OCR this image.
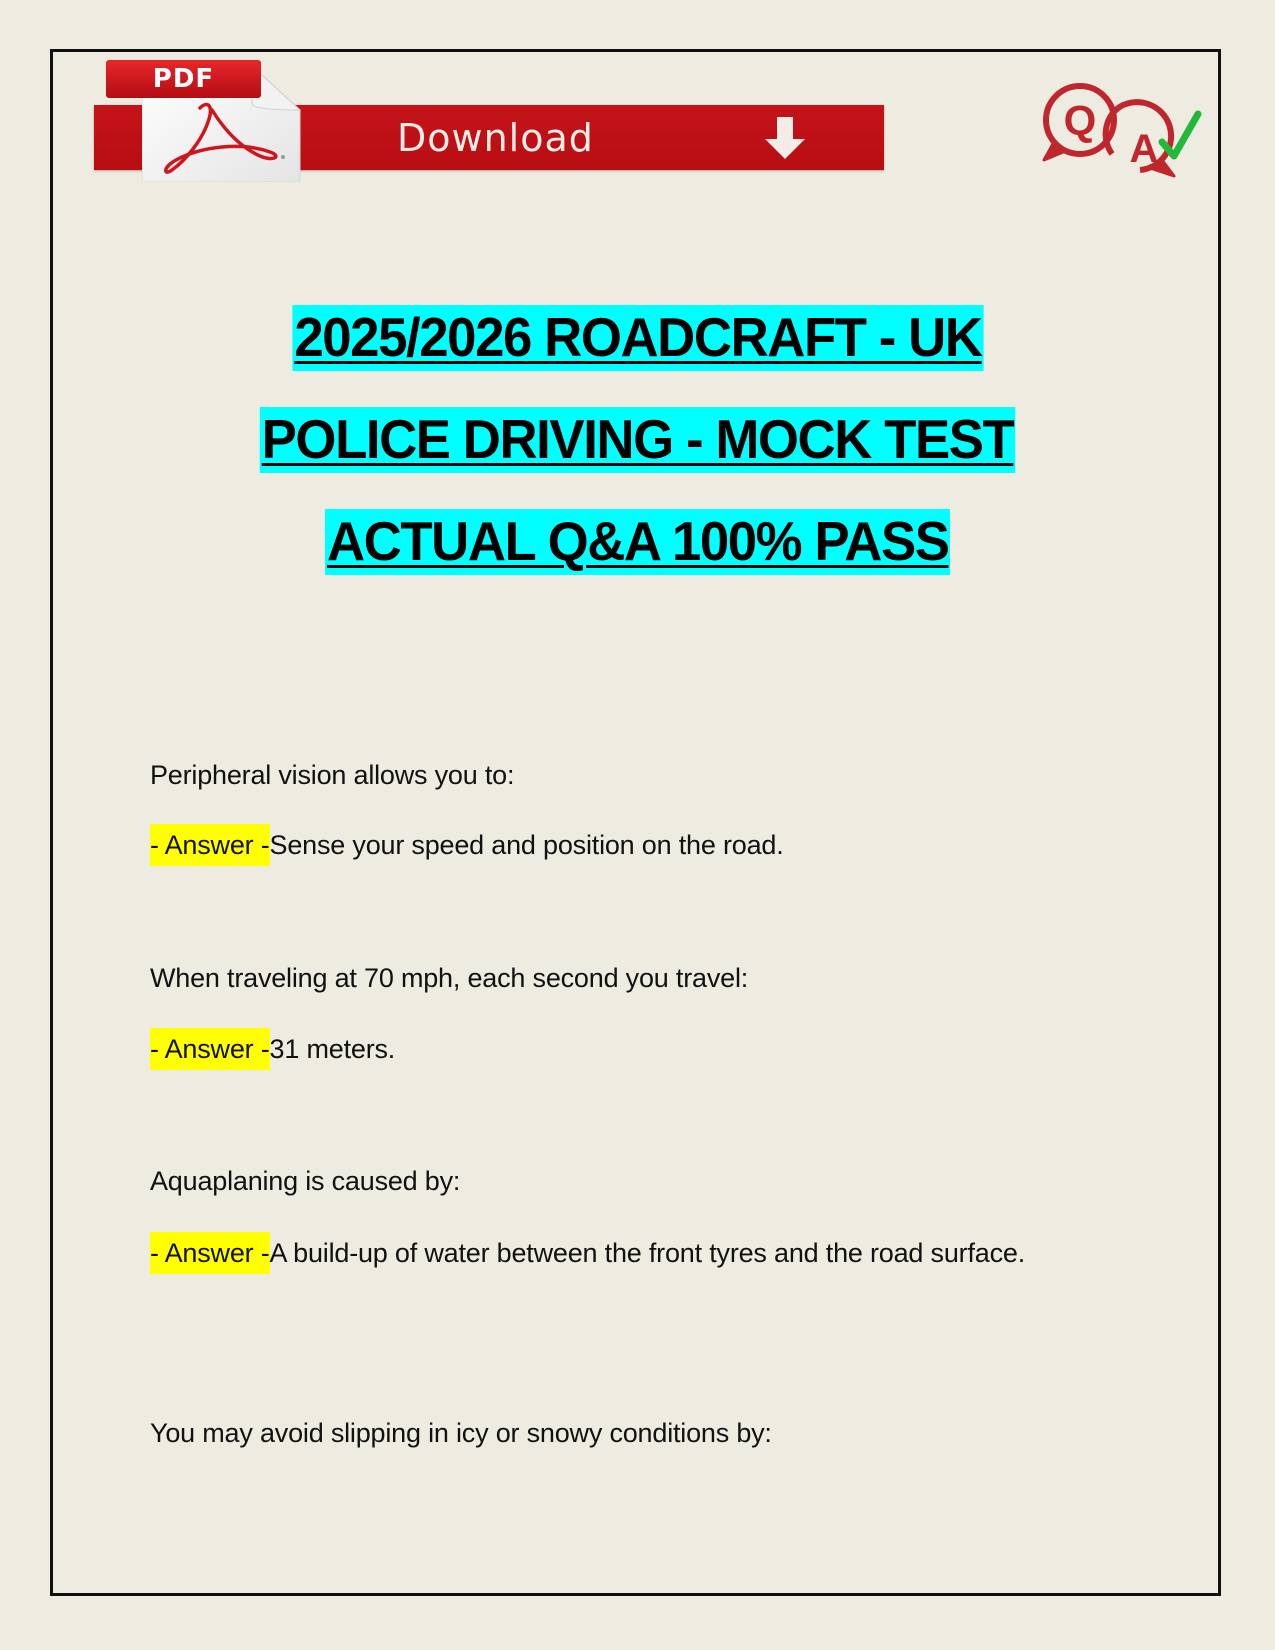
PDF
Download	Q
A
2025/2026 ROADCRAFT - UK
POLICE DRIVING - MOCK TEST
ACTUAL Q&A 100% PASS
Peripheral vision allows you to:
- Answer -Sense your speed and position on the road.
When traveling at 70 mph, each second you travel:
- Answer -31 meters.
Aquaplaning is caused by:
- Answer -A build-up of water between the front tyres and the road surface.
You may avoid slipping in icy or snowy conditions by:
